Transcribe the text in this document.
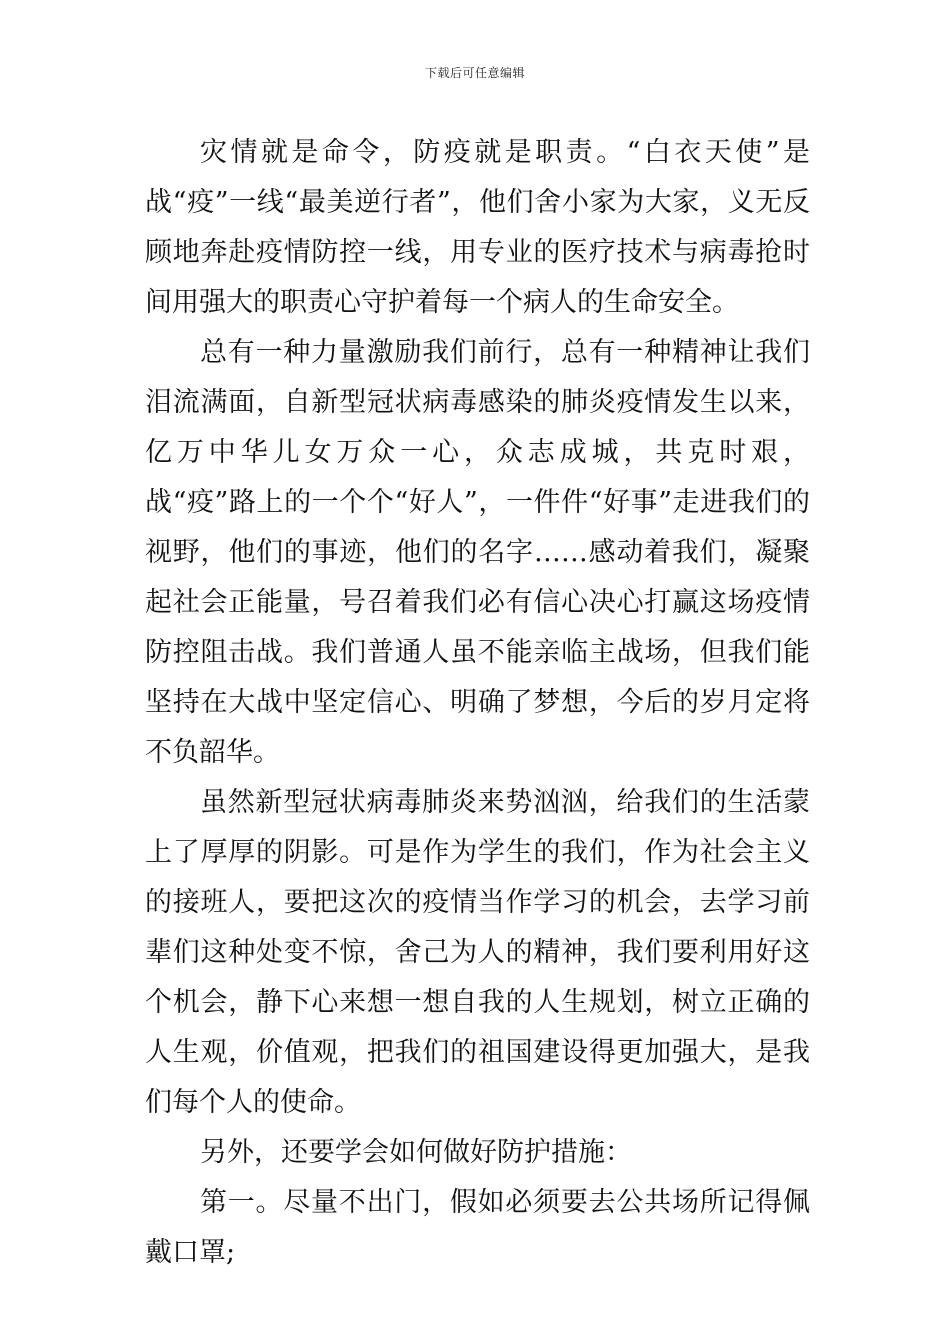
下载后可任意编辑

灾情就是命令，防疫就是职责。“白衣天使”是战“疫”一线“最美逆行者”，他们舍小家为大家，义无反顾地奔赴疫情防控一线，用专业的医疗技术与病毒抢时间用强大的职责心守护着每一个病人的生命安全。

总有一种力量激励我们前行，总有一种精神让我们泪流满面，自新型冠状病毒感染的肺炎疫情发生以来，亿万中华儿女万众一心，众志成城，共克时艰，战“疫”路上的一个个“好人”，一件件“好事”走进我们的视野，他们的事迹，他们的名字……感动着我们，凝聚起社会正能量，号召着我们必有信心决心打赢这场疫情防控阻击战。我们普通人虽不能亲临主战场，但我们能坚持在大战中坚定信心、明确了梦想，今后的岁月定将不负韶华。

虽然新型冠状病毒肺炎来势汹汹，给我们的生活蒙上了厚厚的阴影。可是作为学生的我们，作为社会主义的接班人，要把这次的疫情当作学习的机会，去学习前辈们这种处变不惊，舍己为人的精神，我们要利用好这个机会，静下心来想一想自我的人生规划，树立正确的人生观，价值观，把我们的祖国建设得更加强大，是我们每个人的使命。

另外，还要学会如何做好防护措施：

第一。尽量不出门，假如必须要去公共场所记得佩戴口罩;
